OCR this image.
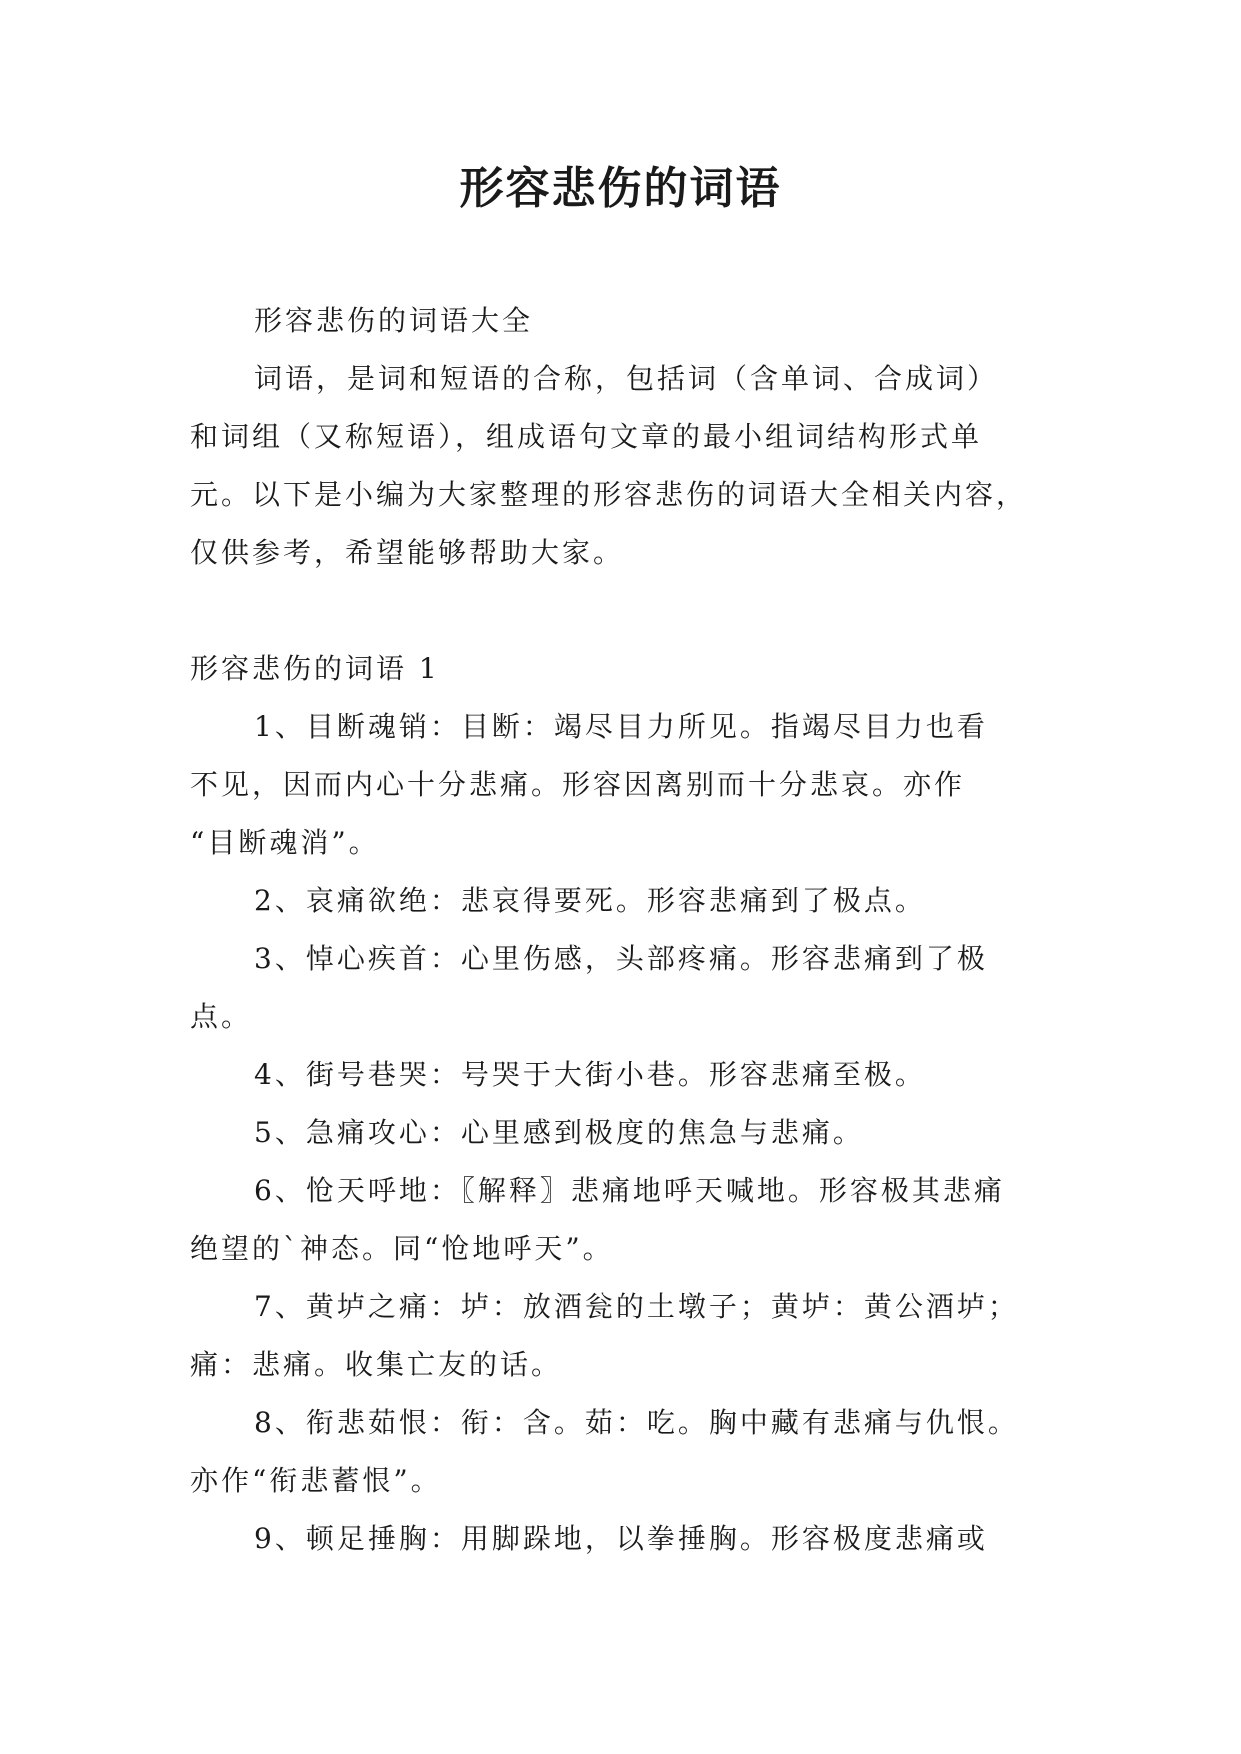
形容悲伤的词语

形容悲伤的词语大全

词语，是词和短语的合称，包括词（含单词、合成词）
和词组（又称短语），组成语句文章的最小组词结构形式单
元。以下是小编为大家整理的形容悲伤的词语大全相关内容，
仅供参考，希望能够帮助大家。

形容悲伤的词语 1

1、目断魂销：目断：竭尽目力所见。指竭尽目力也看
不见，因而内心十分悲痛。形容因离别而十分悲哀。亦作
“目断魂消”。

2、哀痛欲绝：悲哀得要死。形容悲痛到了极点。

3、悼心疾首：心里伤感，头部疼痛。形容悲痛到了极
点。

4、街号巷哭：号哭于大街小巷。形容悲痛至极。

5、急痛攻心：心里感到极度的焦急与悲痛。

6、怆天呼地：〖解释〗悲痛地呼天喊地。形容极其悲痛
绝望的`神态。同“怆地呼天”。

7、黄垆之痛：垆：放酒瓮的土墩子；黄垆：黄公酒垆；
痛：悲痛。收集亡友的话。

8、衔悲茹恨：衔：含。茹：吃。胸中藏有悲痛与仇恨。
亦作“衔悲蓄恨”。

9、顿足捶胸：用脚跺地，以拳捶胸。形容极度悲痛或
